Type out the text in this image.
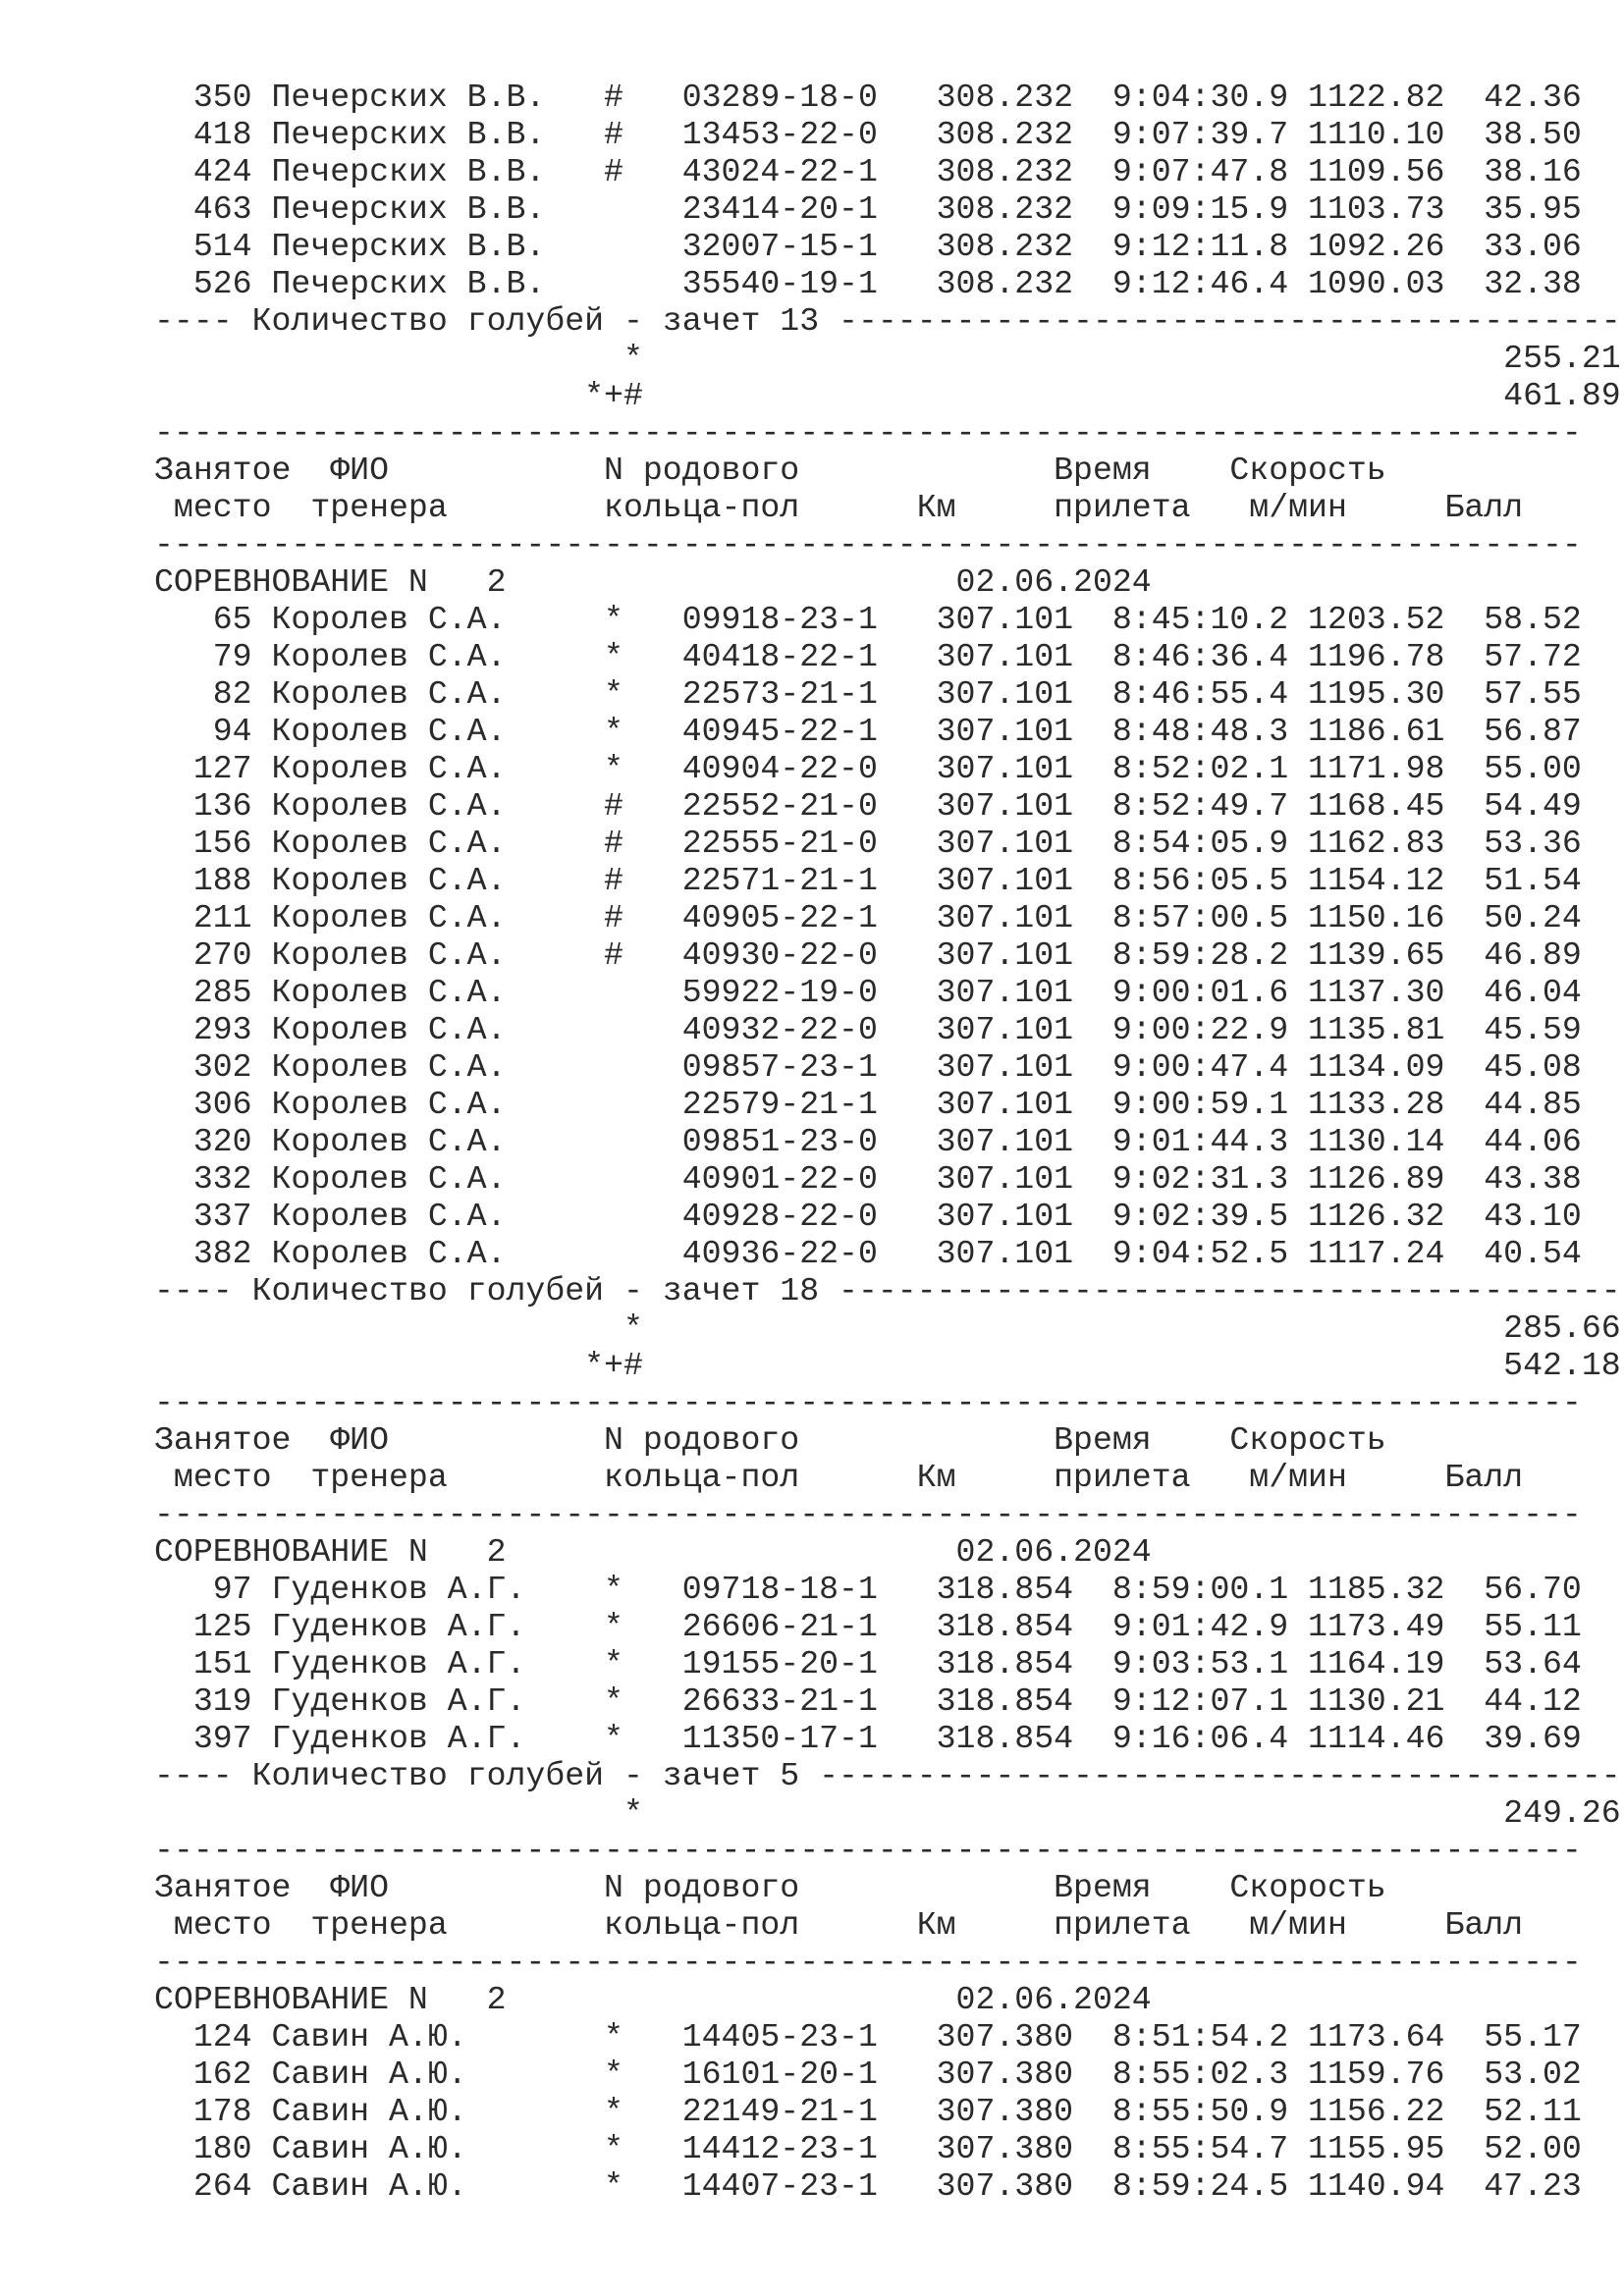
350 Печерских В.В.   #   03289-18-0   308.232  9:04:30.9 1122.82  42.36
418 Печерских В.В.   #   13453-22-0   308.232  9:07:39.7 1110.10  38.50
424 Печерских В.В.   #   43024-22-1   308.232  9:07:47.8 1109.56  38.16
463 Печерских В.В.       23414-20-1   308.232  9:09:15.9 1103.73  35.95
514 Печерских В.В.       32007-15-1   308.232  9:12:11.8 1092.26  33.06
526 Печерских В.В.       35540-19-1   308.232  9:12:46.4 1090.03  32.38
---- Количество голубей - зачет 13 ----------------------------------------
*                                            255.21
*+#                                            461.89
-------------------------------------------------------------------------
Занятое  ФИО           N родового             Время    Скорость
место  тренера        кольца-пол      Км     прилета   м/мин     Балл
-------------------------------------------------------------------------
СОРЕВНОВАНИЕ N   2                       02.06.2024
65 Королев С.А.     *   09918-23-1   307.101  8:45:10.2 1203.52  58.52
79 Королев С.А.     *   40418-22-1   307.101  8:46:36.4 1196.78  57.72
82 Королев С.А.     *   22573-21-1   307.101  8:46:55.4 1195.30  57.55
94 Королев С.А.     *   40945-22-1   307.101  8:48:48.3 1186.61  56.87
127 Королев С.А.     *   40904-22-0   307.101  8:52:02.1 1171.98  55.00
136 Королев С.А.     #   22552-21-0   307.101  8:52:49.7 1168.45  54.49
156 Королев С.А.     #   22555-21-0   307.101  8:54:05.9 1162.83  53.36
188 Королев С.А.     #   22571-21-1   307.101  8:56:05.5 1154.12  51.54
211 Королев С.А.     #   40905-22-1   307.101  8:57:00.5 1150.16  50.24
270 Королев С.А.     #   40930-22-0   307.101  8:59:28.2 1139.65  46.89
285 Королев С.А.         59922-19-0   307.101  9:00:01.6 1137.30  46.04
293 Королев С.А.         40932-22-0   307.101  9:00:22.9 1135.81  45.59
302 Королев С.А.         09857-23-1   307.101  9:00:47.4 1134.09  45.08
306 Королев С.А.         22579-21-1   307.101  9:00:59.1 1133.28  44.85
320 Королев С.А.         09851-23-0   307.101  9:01:44.3 1130.14  44.06
332 Королев С.А.         40901-22-0   307.101  9:02:31.3 1126.89  43.38
337 Королев С.А.         40928-22-0   307.101  9:02:39.5 1126.32  43.10
382 Королев С.А.         40936-22-0   307.101  9:04:52.5 1117.24  40.54
---- Количество голубей - зачет 18 ----------------------------------------
*                                            285.66
*+#                                            542.18
-------------------------------------------------------------------------
Занятое  ФИО           N родового             Время    Скорость
место  тренера        кольца-пол      Км     прилета   м/мин     Балл
-------------------------------------------------------------------------
СОРЕВНОВАНИЕ N   2                       02.06.2024
97 Гуденков А.Г.    *   09718-18-1   318.854  8:59:00.1 1185.32  56.70
125 Гуденков А.Г.    *   26606-21-1   318.854  9:01:42.9 1173.49  55.11
151 Гуденков А.Г.    *   19155-20-1   318.854  9:03:53.1 1164.19  53.64
319 Гуденков А.Г.    *   26633-21-1   318.854  9:12:07.1 1130.21  44.12
397 Гуденков А.Г.    *   11350-17-1   318.854  9:16:06.4 1114.46  39.69
---- Количество голубей - зачет 5 -----------------------------------------
*                                            249.26
-------------------------------------------------------------------------
Занятое  ФИО           N родового             Время    Скорость
место  тренера        кольца-пол      Км     прилета   м/мин     Балл
-------------------------------------------------------------------------
СОРЕВНОВАНИЕ N   2                       02.06.2024
124 Савин А.Ю.       *   14405-23-1   307.380  8:51:54.2 1173.64  55.17
162 Савин А.Ю.       *   16101-20-1   307.380  8:55:02.3 1159.76  53.02
178 Савин А.Ю.       *   22149-21-1   307.380  8:55:50.9 1156.22  52.11
180 Савин А.Ю.       *   14412-23-1   307.380  8:55:54.7 1155.95  52.00
264 Савин А.Ю.       *   14407-23-1   307.380  8:59:24.5 1140.94  47.23
